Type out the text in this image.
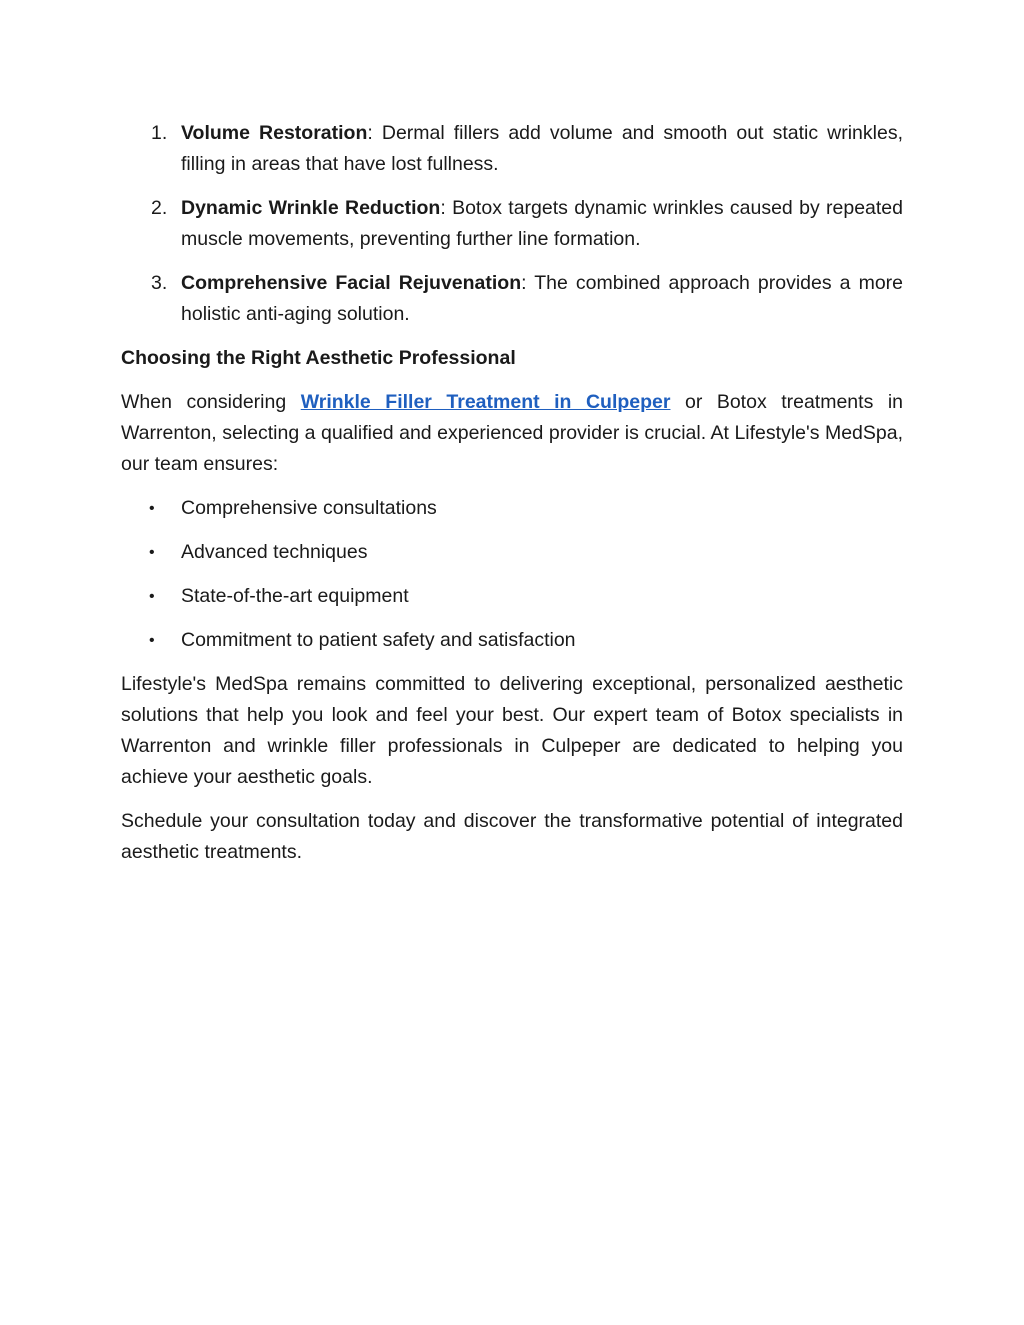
1. Volume Restoration: Dermal fillers add volume and smooth out static wrinkles, filling in areas that have lost fullness.
2. Dynamic Wrinkle Reduction: Botox targets dynamic wrinkles caused by repeated muscle movements, preventing further line formation.
3. Comprehensive Facial Rejuvenation: The combined approach provides a more holistic anti-aging solution.
Choosing the Right Aesthetic Professional

When considering Wrinkle Filler Treatment in Culpeper or Botox treatments in Warrenton, selecting a qualified and experienced provider is crucial. At Lifestyle's MedSpa, our team ensures:

• Comprehensive consultations
• Advanced techniques
• State-of-the-art equipment
• Commitment to patient safety and satisfaction

Lifestyle's MedSpa remains committed to delivering exceptional, personalized aesthetic solutions that help you look and feel your best. Our expert team of Botox specialists in Warrenton and wrinkle filler professionals in Culpeper are dedicated to helping you achieve your aesthetic goals.

Schedule your consultation today and discover the transformative potential of integrated aesthetic treatments.
